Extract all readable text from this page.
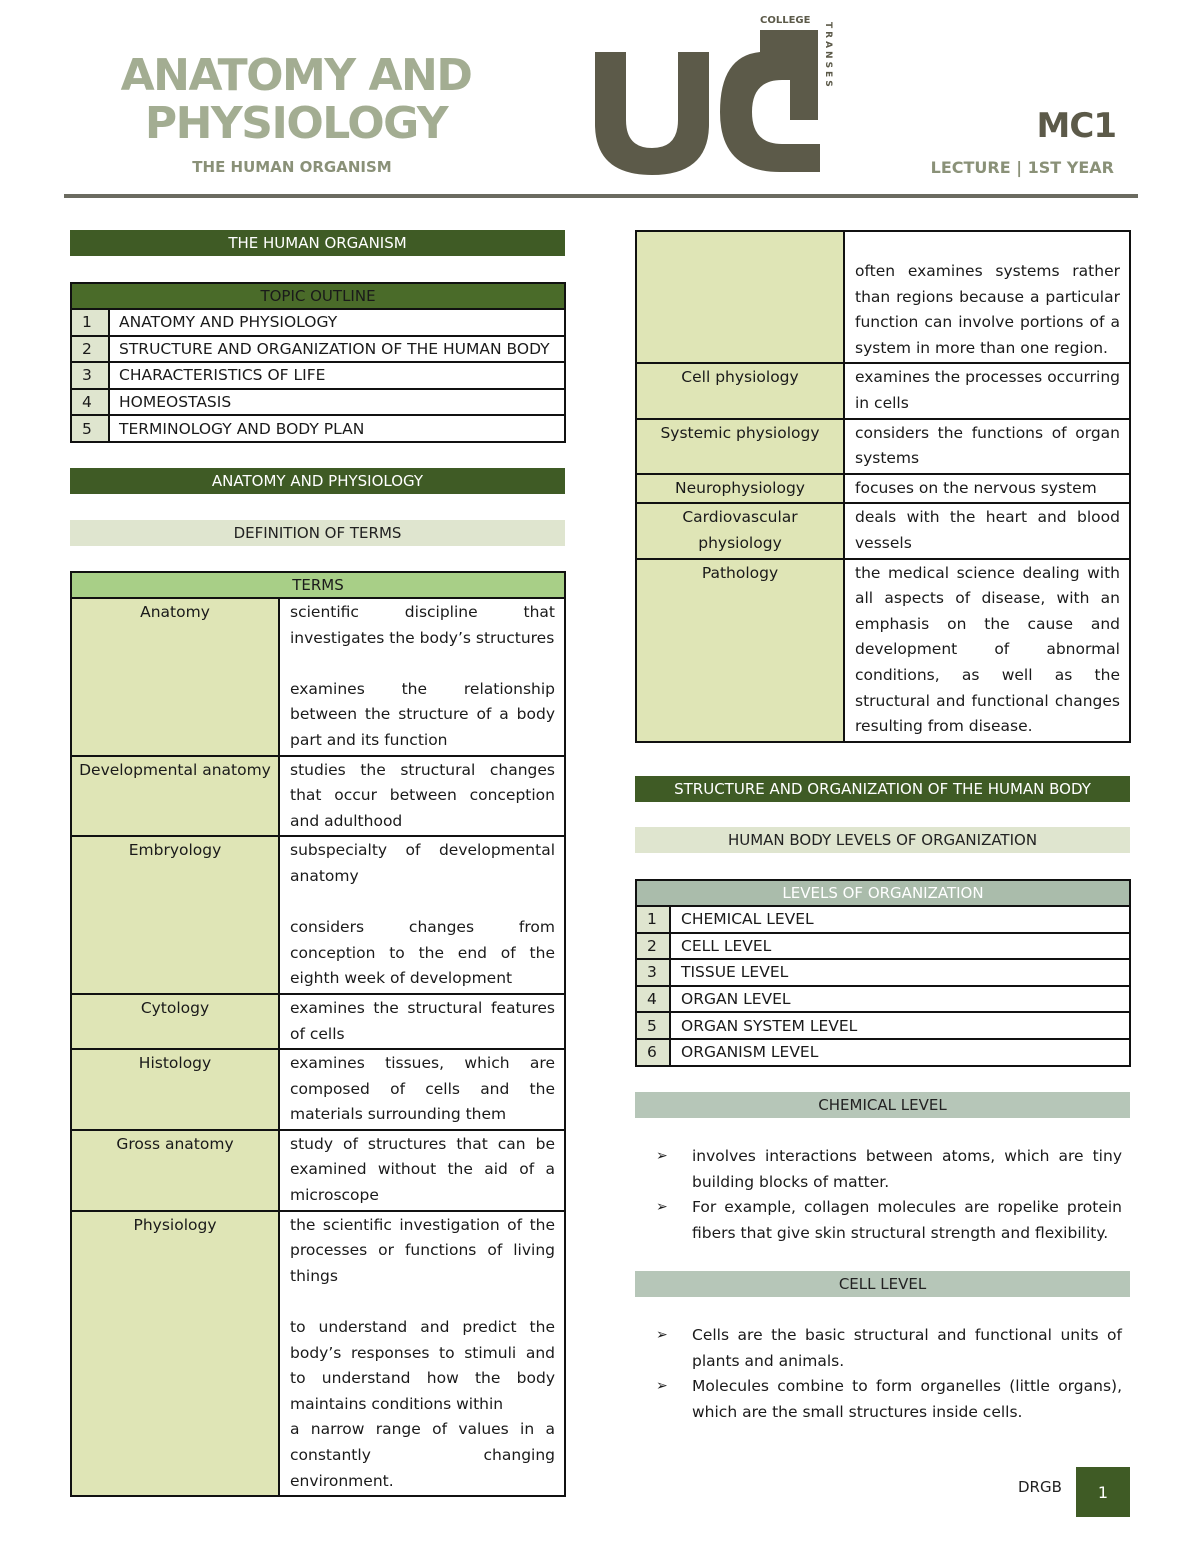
ANATOMY AND
PHYSIOLOGY
THE HUMAN ORGANISM
COLLEGE
TRANSES
MC1
LECTURE | 1ST YEAR
THE HUMAN ORGANISM
TOPIC OUTLINE	
1	ANATOMY AND PHYSIOLOGY
2	STRUCTURE AND ORGANIZATION OF THE HUMAN BODY
3	CHARACTERISTICS OF LIFE
4	HOMEOSTASIS
5	TERMINOLOGY AND BODY PLAN
ANATOMY AND PHYSIOLOGY
DEFINITION OF TERMS
TERMS	
Anatomy	scientific discipline that investigates the body’s structures
examines the relationship between the structure of a body part and its function

Developmental anatomy	studies the structural changes that occur between conception and adulthood
Embryology	subspecialty of developmental anatomy
considers changes from conception to the end of the eighth week of development

Cytology	examines the structural features of cells
Histology	examines tissues, which are composed of cells and the materials surrounding them
Gross anatomy	study of structures that can be examined without the aid of a microscope
Physiology	the scientific investigation of the processes or functions of living things
to understand and predict the body’s responses to stimuli and to understand how the body maintains conditions within
a narrow range of values in a constantly changing environment.
	often examines systems rather than regions because a particular function can involve portions of a system in more than one region.
Cell physiology	examines the processes occurring in cells
Systemic physiology	considers the functions of organ systems
Neurophysiology	focuses on the nervous system
Cardiovascular physiology	deals with the heart and blood vessels
Pathology	the medical science dealing with all aspects of disease, with an emphasis on the cause and development of abnormal conditions, as well as the structural and functional changes resulting from disease.
STRUCTURE AND ORGANIZATION OF THE HUMAN BODY
HUMAN BODY LEVELS OF ORGANIZATION
LEVELS OF ORGANIZATION	
1	CHEMICAL LEVEL
2	CELL LEVEL
3	TISSUE LEVEL
4	ORGAN LEVEL
5	ORGAN SYSTEM LEVEL
6	ORGANISM LEVEL
CHEMICAL LEVEL
➢ involves interactions between atoms, which are tiny building blocks of matter.
➢ For example, collagen molecules are ropelike protein fibers that give skin structural strength and flexibility.
CELL LEVEL
➢ Cells are the basic structural and functional units of plants and animals.
➢ Molecules combine to form organelles (little organs), which are the small structures inside cells.
DRGB	1
